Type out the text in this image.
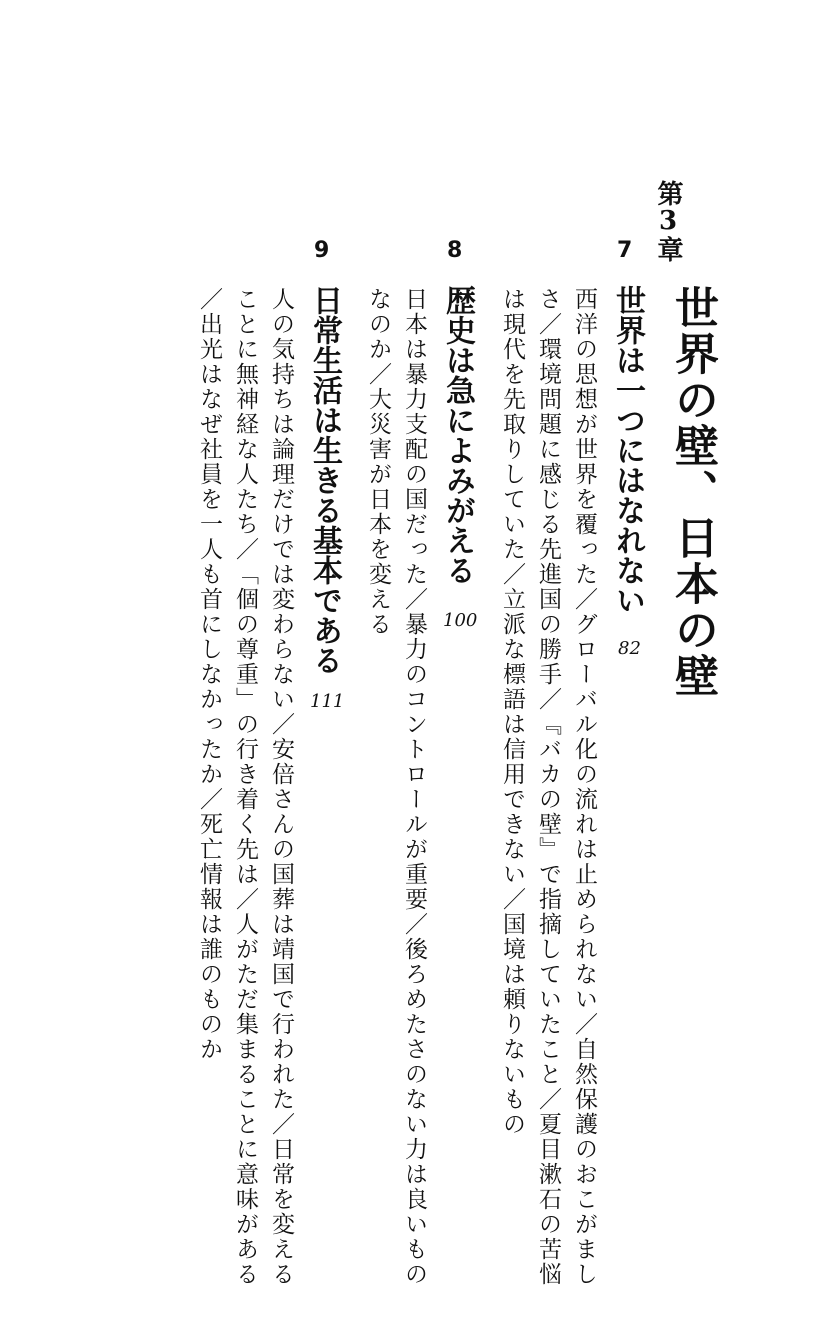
第3章
世界の壁、日本の壁
7
世界は一つにはなれない
82
西洋の思想が世界を覆った／グローバル化の流れは止められない／自然保護のおこがまし
さ／環境問題に感じる先進国の勝手／『バカの壁』で指摘していたこと／夏目漱石の苦悩
は現代を先取りしていた／立派な標語は信用できない／国境は頼りないもの
8
歴史は急によみがえる
100
日本は暴力支配の国だった／暴力のコントロールが重要／後ろめたさのない力は良いもの
なのか／大災害が日本を変える
9
日常生活は生きる基本である
111
人の気持ちは論理だけでは変わらない／安倍さんの国葬は靖国で行われた／日常を変える
ことに無神経な人たち／「個の尊重」の行き着く先は／人がただ集まることに意味がある
／出光はなぜ社員を一人も首にしなかったか／死亡情報は誰のものか
